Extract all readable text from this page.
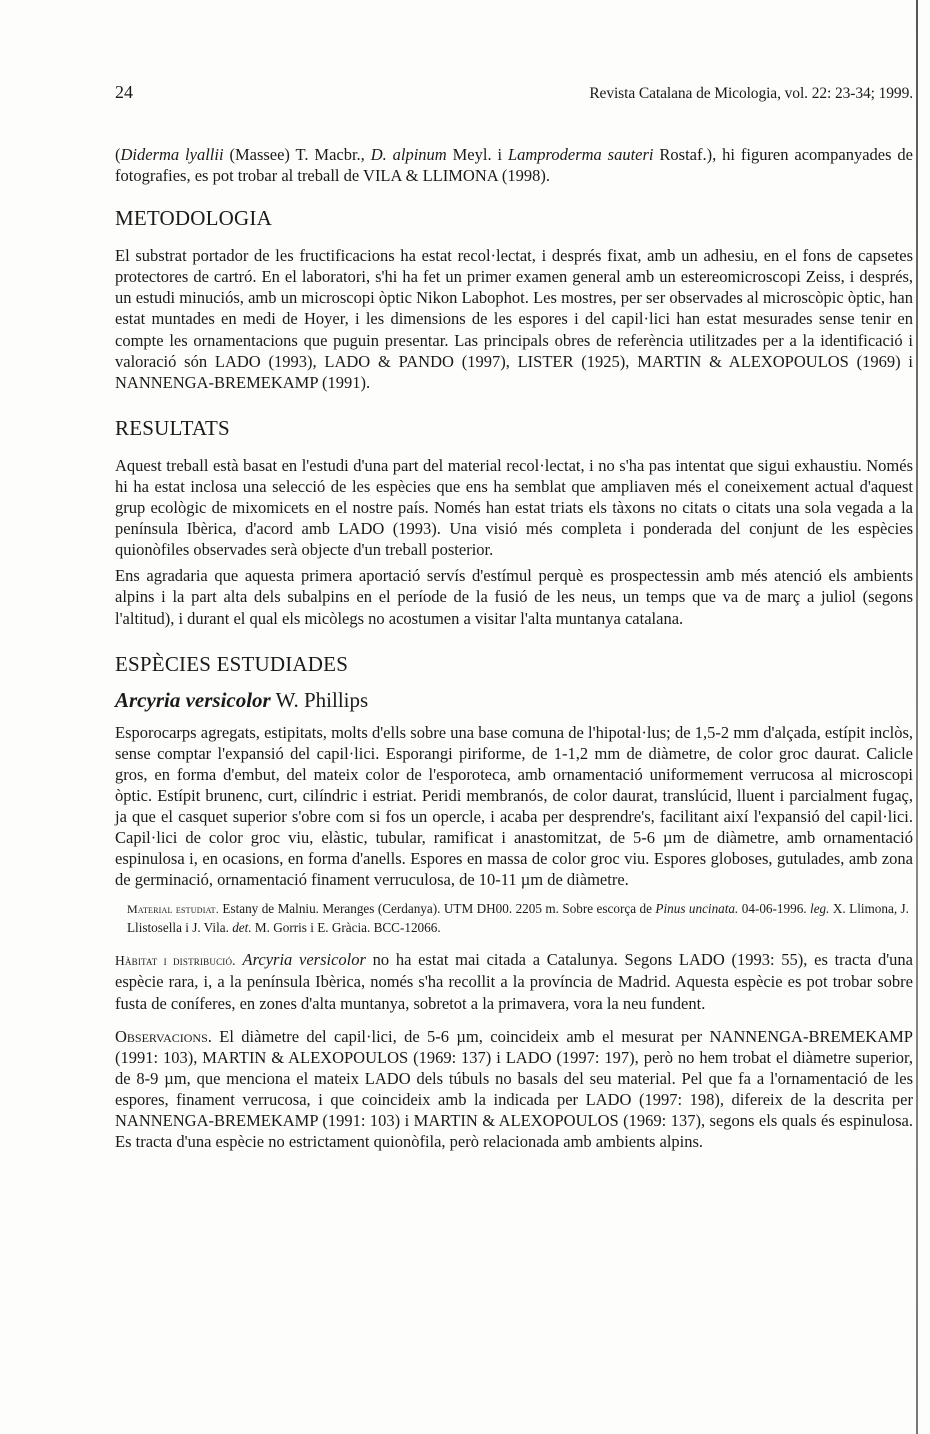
24	Revista Catalana de Micologia, vol. 22: 23-34; 1999.

(Diderma lyallii (Massee) T. Macbr., D. alpinum Meyl. i Lamproderma sauteri Rostaf.), hi figuren acompanyades de fotografies, es pot trobar al treball de VILA & LLIMONA (1998).

METODOLOGIA

El substrat portador de les fructificacions ha estat recol·lectat, i després fixat, amb un adhesiu, en el fons de capsetes protectores de cartró. En el laboratori, s'hi ha fet un primer examen general amb un estereomicroscopi Zeiss, i després, un estudi minuciós, amb un microscopi òptic Nikon Labophot. Les mostres, per ser observades al microscòpic òptic, han estat muntades en medi de Hoyer, i les dimensions de les espores i del capil·lici han estat mesurades sense tenir en compte les ornamentacions que puguin presentar. Las principals obres de referència utilitzades per a la identificació i valoració són LADO (1993), LADO & PANDO (1997), LISTER (1925), MARTIN & ALEXOPOULOS (1969) i NANNENGA-BREMEKAMP (1991).

RESULTATS

Aquest treball està basat en l'estudi d'una part del material recol·lectat, i no s'ha pas intentat que sigui exhaustiu. Només hi ha estat inclosa una selecció de les espècies que ens ha semblat que ampliaven més el coneixement actual d'aquest grup ecològic de mixomicets en el nostre país. Només han estat triats els tàxons no citats o citats una sola vegada a la península Ibèrica, d'acord amb LADO (1993). Una visió més completa i ponderada del conjunt de les espècies quionòfiles observades serà objecte d'un treball posterior.

Ens agradaria que aquesta primera aportació servís d'estímul perquè es prospectessin amb més atenció els ambients alpins i la part alta dels subalpins en el període de la fusió de les neus, un temps que va de març a juliol (segons l'altitud), i durant el qual els micòlegs no acostumen a visitar l'alta muntanya catalana.

ESPÈCIES ESTUDIADES
Arcyria versicolor W. Phillips

Esporocarps agregats, estipitats, molts d'ells sobre una base comuna de l'hipotal·lus; de 1,5-2 mm d'alçada, estípit inclòs, sense comptar l'expansió del capil·lici. Esporangi piriforme, de 1-1,2 mm de diàmetre, de color groc daurat. Calicle gros, en forma d'embut, del mateix color de l'esporoteca, amb ornamentació uniformement verrucosa al microscopi òptic. Estípit brunenc, curt, cilíndric i estriat. Peridi membranós, de color daurat, translúcid, lluent i parcialment fugaç, ja que el casquet superior s'obre com si fos un opercle, i acaba per desprendre's, facilitant així l'expansió del capil·lici. Capil·lici de color groc viu, elàstic, tubular, ramificat i anastomitzat, de 5-6 µm de diàmetre, amb ornamentació espinulosa i, en ocasions, en forma d'anells. Espores en massa de color groc viu. Espores globoses, gutulades, amb zona de germinació, ornamentació finament verruculosa, de 10-11 µm de diàmetre.

Material estudiat. Estany de Malniu. Meranges (Cerdanya). UTM DH00. 2205 m. Sobre escorça de Pinus uncinata. 04-06-1996. leg. X. Llimona, J. Llistosella i J. Vila. det. M. Gorris i E. Gràcia. BCC-12066.

Hàbitat i distribució. Arcyria versicolor no ha estat mai citada a Catalunya. Segons LADO (1993: 55), es tracta d'una espècie rara, i, a la península Ibèrica, només s'ha recollit a la província de Madrid. Aquesta espècie es pot trobar sobre fusta de coníferes, en zones d'alta muntanya, sobretot a la primavera, vora la neu fundent.

Observacions. El diàmetre del capil·lici, de 5-6 µm, coincideix amb el mesurat per NANNENGA-BREMEKAMP (1991: 103), MARTIN & ALEXOPOULOS (1969: 137) i LADO (1997: 197), però no hem trobat el diàmetre superior, de 8-9 µm, que menciona el mateix LADO dels túbuls no basals del seu material. Pel que fa a l'ornamentació de les espores, finament verrucosa, i que coincideix amb la indicada per LADO (1997: 198), difereix de la descrita per NANNENGA-BREMEKAMP (1991: 103) i MARTIN & ALEXOPOULOS (1969: 137), segons els quals és espinulosa. Es tracta d'una espècie no estrictament quionòfila, però relacionada amb ambients alpins.
